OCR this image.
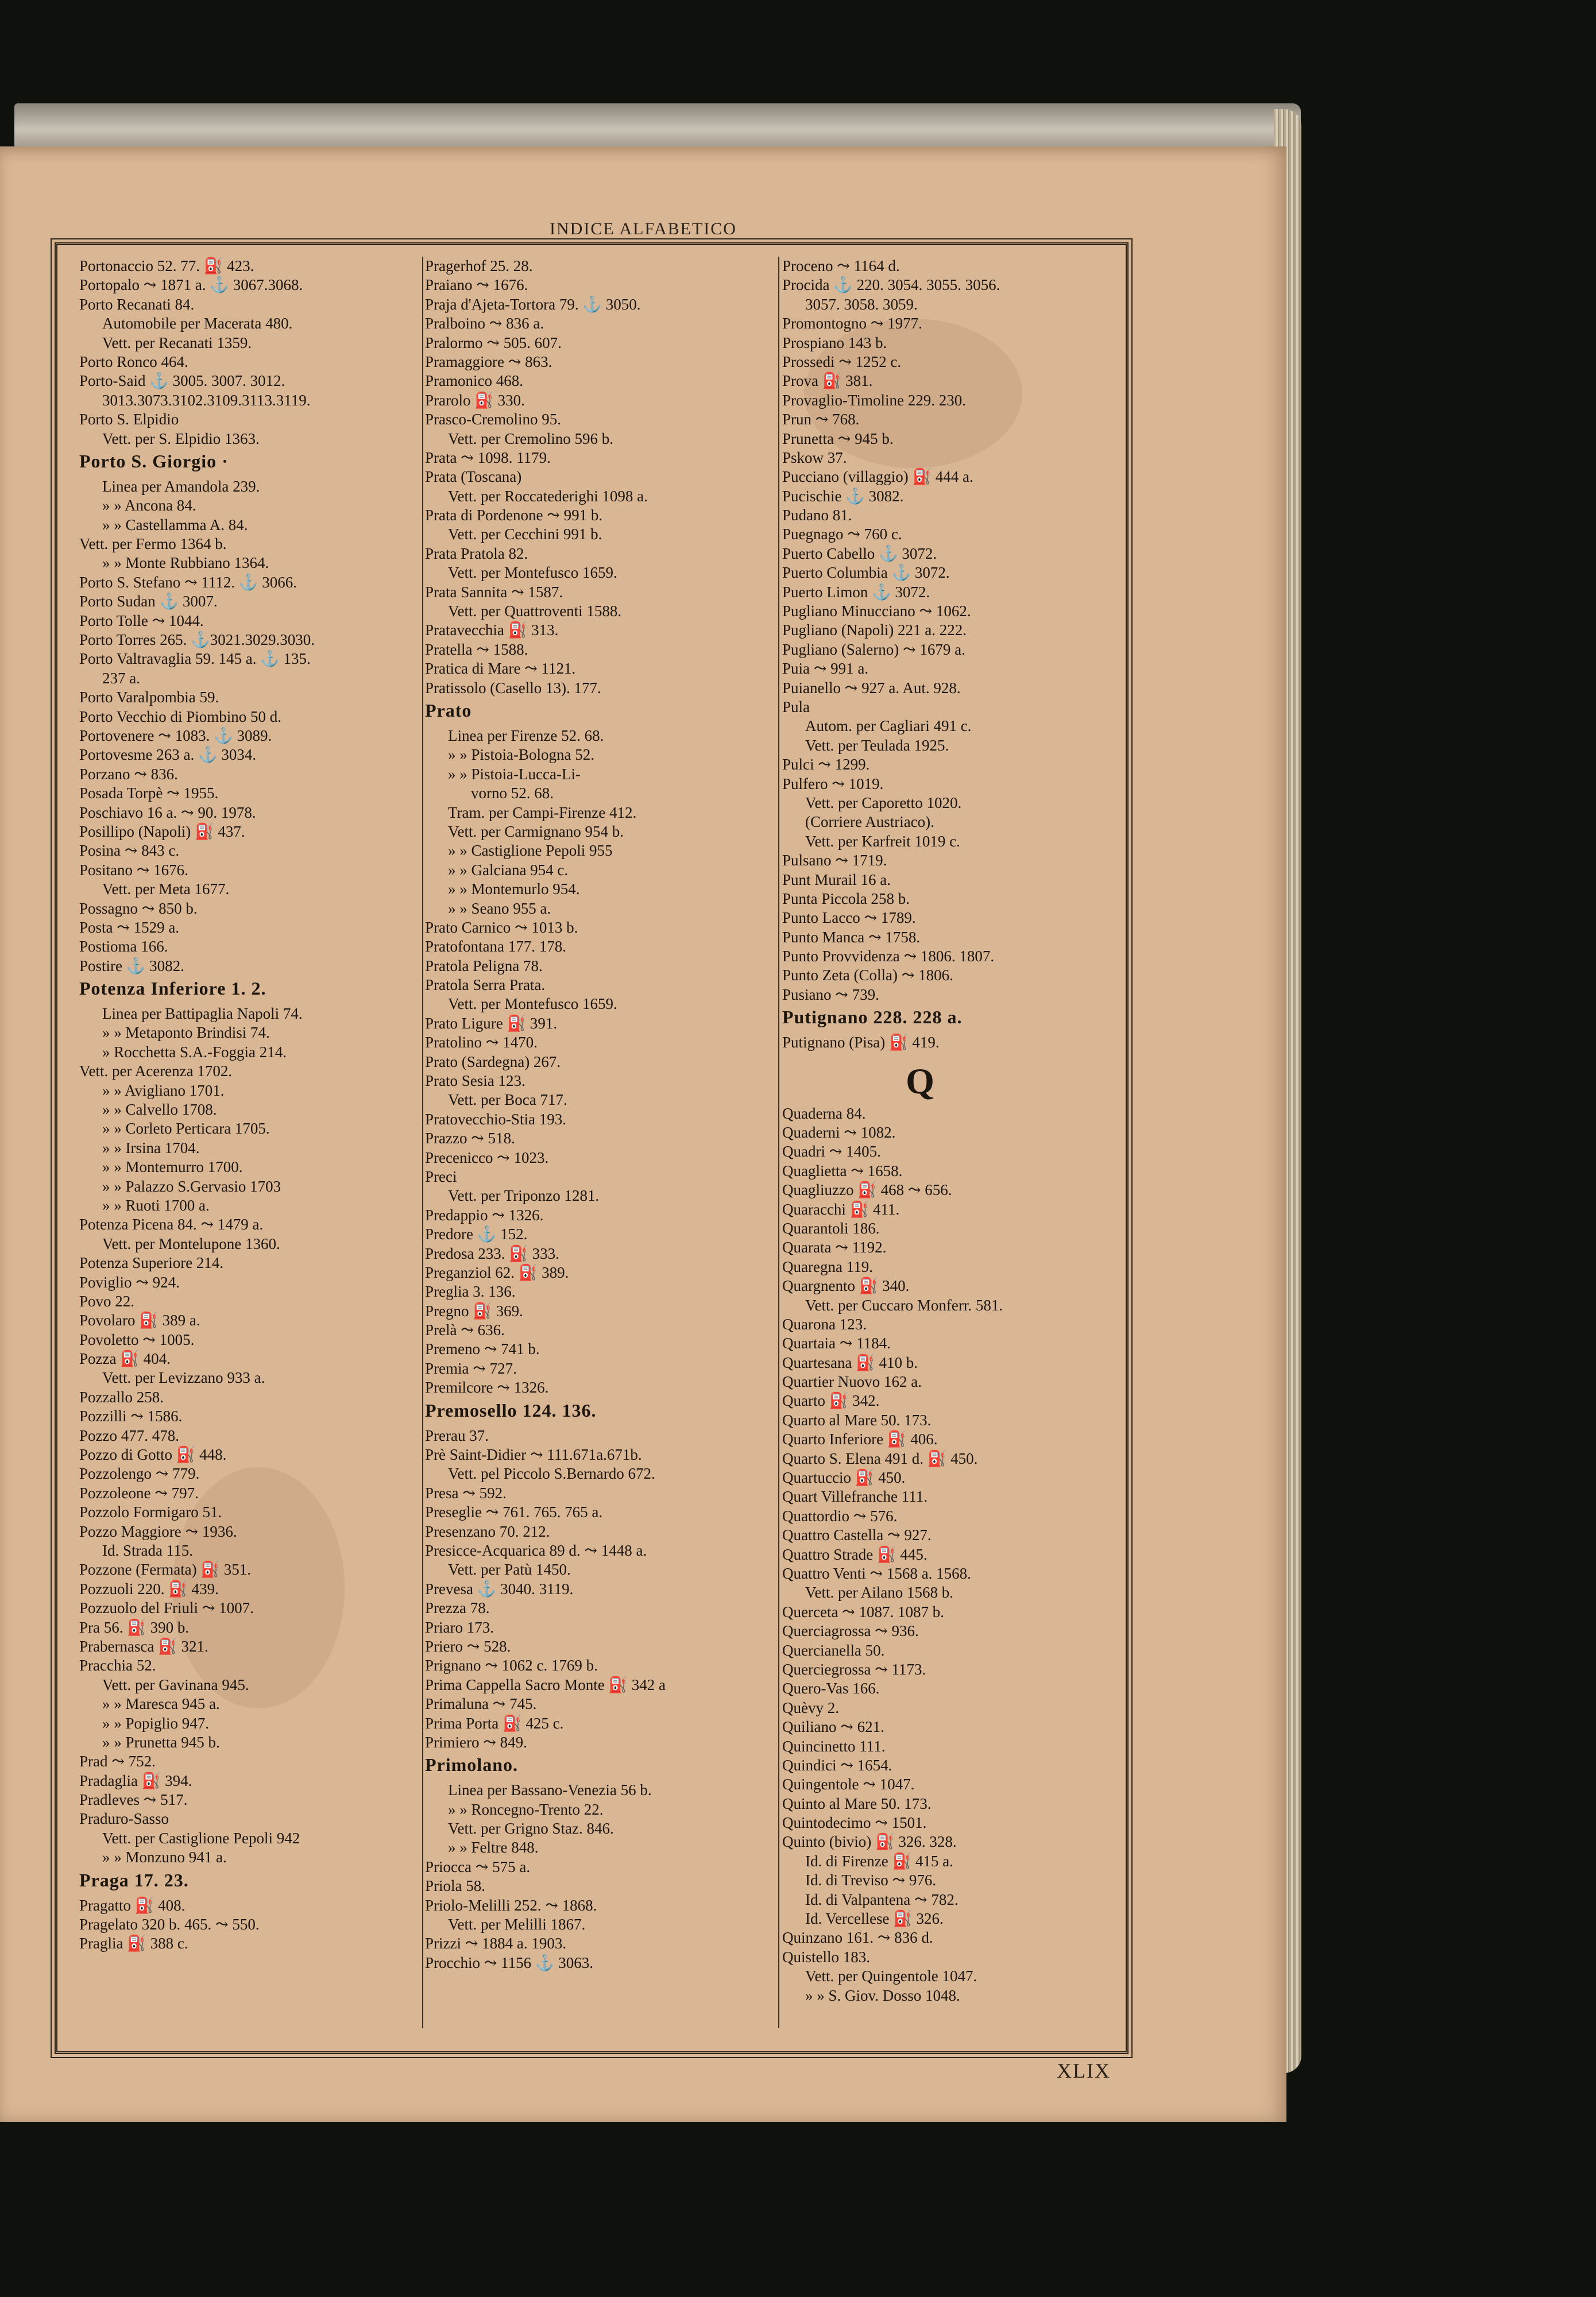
INDICE ALFABETICO
Portonaccio 52. 77. ⛽ 423.
Portopalo ⤳ 1871 a. ⚓ 3067.3068.
Porto Recanati 84.
Automobile per Macerata 480.
Vett. per Recanati 1359.
Porto Ronco 464.
Porto-Said ⚓ 3005. 3007. 3012.
3013.3073.3102.3109.3113.3119.
Porto S. Elpidio
Vett. per S. Elpidio 1363.
Porto S. Giorgio ·
Linea per Amandola 239.
» » Ancona 84.
» » Castellamma A. 84.
Vett. per Fermo 1364 b.
» » Monte Rubbiano 1364.
Porto S. Stefano ⤳ 1112. ⚓ 3066.
Porto Sudan ⚓ 3007.
Porto Tolle ⤳ 1044.
Porto Torres 265. ⚓3021.3029.3030.
Porto Valtravaglia 59. 145 a. ⚓ 135.
237 a.
Porto Varalpombia 59.
Porto Vecchio di Piombino 50 d.
Portovenere ⤳ 1083. ⚓ 3089.
Portovesme 263 a. ⚓ 3034.
Porzano ⤳ 836.
Posada Torpè ⤳ 1955.
Poschiavo 16 a. ⤳ 90. 1978.
Posillipo (Napoli) ⛽ 437.
Posina ⤳ 843 c.
Positano ⤳ 1676.
Vett. per Meta 1677.
Possagno ⤳ 850 b.
Posta ⤳ 1529 a.
Postioma 166.
Postire ⚓ 3082.
Potenza Inferiore 1. 2.
Linea per Battipaglia Napoli 74.
» » Metaponto Brindisi 74.
» Rocchetta S.A.-Foggia 214.
Vett. per Acerenza 1702.
» » Avigliano 1701.
» » Calvello 1708.
» » Corleto Perticara 1705.
» » Irsina 1704.
» » Montemurro 1700.
» » Palazzo S.Gervasio 1703
» » Ruoti 1700 a.
Potenza Picena 84. ⤳ 1479 a.
Vett. per Montelupone 1360.
Potenza Superiore 214.
Poviglio ⤳ 924.
Povo 22.
Povolaro ⛽ 389 a.
Povoletto ⤳ 1005.
Pozza ⛽ 404.
Vett. per Levizzano 933 a.
Pozzallo 258.
Pozzilli ⤳ 1586.
Pozzo 477. 478.
Pozzo di Gotto ⛽ 448.
Pozzolengo ⤳ 779.
Pozzoleone ⤳ 797.
Pozzolo Formigaro 51.
Pozzo Maggiore ⤳ 1936.
Id. Strada 115.
Pozzone (Fermata) ⛽ 351.
Pozzuoli 220. ⛽ 439.
Pozzuolo del Friuli ⤳ 1007.
Pra 56. ⛽ 390 b.
Prabernasca ⛽ 321.
Pracchia 52.
Vett. per Gavinana 945.
» » Maresca 945 a.
» » Popiglio 947.
» » Prunetta 945 b.
Prad ⤳ 752.
Pradaglia ⛽ 394.
Pradleves ⤳ 517.
Praduro-Sasso
Vett. per Castiglione Pepoli 942
» » Monzuno 941 a.
Praga 17. 23.
Pragatto ⛽ 408.
Pragelato 320 b. 465. ⤳ 550.
Praglia ⛽ 388 c.
Pragerhof 25. 28.
Praiano ⤳ 1676.
Praja d'Ajeta-Tortora 79. ⚓ 3050.
Pralboino ⤳ 836 a.
Pralormo ⤳ 505. 607.
Pramaggiore ⤳ 863.
Pramonico 468.
Prarolo ⛽ 330.
Prasco-Cremolino 95.
Vett. per Cremolino 596 b.
Prata ⤳ 1098. 1179.
Prata (Toscana)
Vett. per Roccatederighi 1098 a.
Prata di Pordenone ⤳ 991 b.
Vett. per Cecchini 991 b.
Prata Pratola 82.
Vett. per Montefusco 1659.
Prata Sannita ⤳ 1587.
Vett. per Quattroventi 1588.
Pratavecchia ⛽ 313.
Pratella ⤳ 1588.
Pratica di Mare ⤳ 1121.
Pratissolo (Casello 13). 177.
Prato
Linea per Firenze 52. 68.
» » Pistoia-Bologna 52.
» » Pistoia-Lucca-Li-
vorno 52. 68.
Tram. per Campi-Firenze 412.
Vett. per Carmignano 954 b.
» » Castiglione Pepoli 955
» » Galciana 954 c.
» » Montemurlo 954.
» » Seano 955 a.
Prato Carnico ⤳ 1013 b.
Pratofontana 177. 178.
Pratola Peligna 78.
Pratola Serra Prata.
Vett. per Montefusco 1659.
Prato Ligure ⛽ 391.
Pratolino ⤳ 1470.
Prato (Sardegna) 267.
Prato Sesia 123.
Vett. per Boca 717.
Pratovecchio-Stia 193.
Prazzo ⤳ 518.
Precenicco ⤳ 1023.
Preci
Vett. per Triponzo 1281.
Predappio ⤳ 1326.
Predore ⚓ 152.
Predosa 233. ⛽ 333.
Preganziol 62. ⛽ 389.
Preglia 3. 136.
Pregno ⛽ 369.
Prelà ⤳ 636.
Premeno ⤳ 741 b.
Premia ⤳ 727.
Premilcore ⤳ 1326.
Premosello 124. 136.
Prerau 37.
Prè Saint-Didier ⤳ 111.671a.671b.
Vett. pel Piccolo S.Bernardo 672.
Presa ⤳ 592.
Preseglie ⤳ 761. 765. 765 a.
Presenzano 70. 212.
Presicce-Acquarica 89 d. ⤳ 1448 a.
Vett. per Patù 1450.
Prevesa ⚓ 3040. 3119.
Prezza 78.
Priaro 173.
Priero ⤳ 528.
Prignano ⤳ 1062 c. 1769 b.
Prima Cappella Sacro Monte ⛽ 342 a
Primaluna ⤳ 745.
Prima Porta ⛽ 425 c.
Primiero ⤳ 849.
Primolano.
Linea per Bassano-Venezia 56 b.
» » Roncegno-Trento 22.
Vett. per Grigno Staz. 846.
» » Feltre 848.
Priocca ⤳ 575 a.
Priola 58.
Priolo-Melilli 252. ⤳ 1868.
Vett. per Melilli 1867.
Prizzi ⤳ 1884 a. 1903.
Procchio ⤳ 1156 ⚓ 3063.
Proceno ⤳ 1164 d.
Procida ⚓ 220. 3054. 3055. 3056.
3057. 3058. 3059.
Promontogno ⤳ 1977.
Prospiano 143 b.
Prossedi ⤳ 1252 c.
Prova ⛽ 381.
Provaglio-Timoline 229. 230.
Prun ⤳ 768.
Prunetta ⤳ 945 b.
Pskow 37.
Pucciano (villaggio) ⛽ 444 a.
Pucischie ⚓ 3082.
Pudano 81.
Puegnago ⤳ 760 c.
Puerto Cabello ⚓ 3072.
Puerto Columbia ⚓ 3072.
Puerto Limon ⚓ 3072.
Pugliano Minucciano ⤳ 1062.
Pugliano (Napoli) 221 a. 222.
Pugliano (Salerno) ⤳ 1679 a.
Puia ⤳ 991 a.
Puianello ⤳ 927 a. Aut. 928.
Pula
Autom. per Cagliari 491 c.
Vett. per Teulada 1925.
Pulci ⤳ 1299.
Pulfero ⤳ 1019.
Vett. per Caporetto 1020.
(Corriere Austriaco).
Vett. per Karfreit 1019 c.
Pulsano ⤳ 1719.
Punt Murail 16 a.
Punta Piccola 258 b.
Punto Lacco ⤳ 1789.
Punto Manca ⤳ 1758.
Punto Provvidenza ⤳ 1806. 1807.
Punto Zeta (Colla) ⤳ 1806.
Pusiano ⤳ 739.
Putignano 228. 228 a.
Putignano (Pisa) ⛽ 419.
Q
Quaderna 84.
Quaderni ⤳ 1082.
Quadri ⤳ 1405.
Quaglietta ⤳ 1658.
Quagliuzzo ⛽ 468 ⤳ 656.
Quaracchi ⛽ 411.
Quarantoli 186.
Quarata ⤳ 1192.
Quaregna 119.
Quargnento ⛽ 340.
Vett. per Cuccaro Monferr. 581.
Quarona 123.
Quartaia ⤳ 1184.
Quartesana ⛽ 410 b.
Quartier Nuovo 162 a.
Quarto ⛽ 342.
Quarto al Mare 50. 173.
Quarto Inferiore ⛽ 406.
Quarto S. Elena 491 d. ⛽ 450.
Quartuccio ⛽ 450.
Quart Villefranche 111.
Quattordio ⤳ 576.
Quattro Castella ⤳ 927.
Quattro Strade ⛽ 445.
Quattro Venti ⤳ 1568 a. 1568.
Vett. per Ailano 1568 b.
Querceta ⤳ 1087. 1087 b.
Querciagrossa ⤳ 936.
Quercianella 50.
Querciegrossa ⤳ 1173.
Quero-Vas 166.
Quèvy 2.
Quiliano ⤳ 621.
Quincinetto 111.
Quindici ⤳ 1654.
Quingentole ⤳ 1047.
Quinto al Mare 50. 173.
Quintodecimo ⤳ 1501.
Quinto (bivio) ⛽ 326. 328.
Id. di Firenze ⛽ 415 a.
Id. di Treviso ⤳ 976.
Id. di Valpantena ⤳ 782.
Id. Vercellese ⛽ 326.
Quinzano 161. ⤳ 836 d.
Quistello 183.
Vett. per Quingentole 1047.
» » S. Giov. Dosso 1048.
XLIX
